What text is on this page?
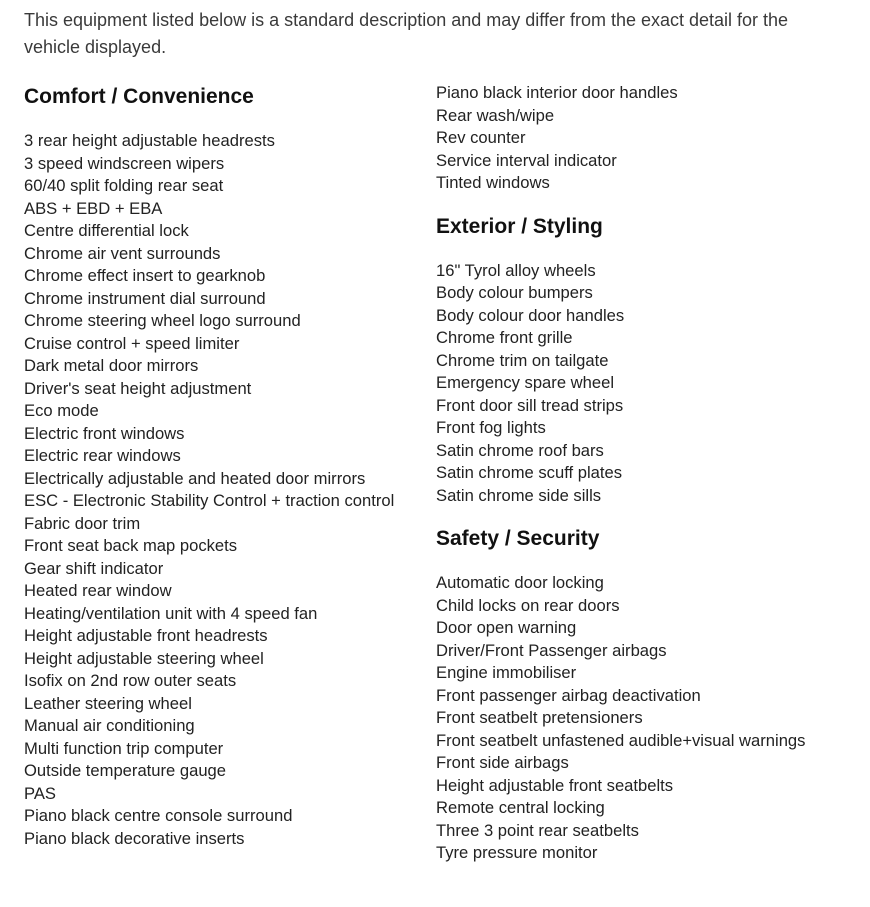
This equipment listed below is a standard description and may differ from the exact detail for the vehicle displayed.

Comfort / Convenience
3 rear height adjustable headrests
3 speed windscreen wipers
60/40 split folding rear seat
ABS + EBD + EBA
Centre differential lock
Chrome air vent surrounds
Chrome effect insert to gearknob
Chrome instrument dial surround
Chrome steering wheel logo surround
Cruise control + speed limiter
Dark metal door mirrors
Driver's seat height adjustment
Eco mode
Electric front windows
Electric rear windows
Electrically adjustable and heated door mirrors
ESC - Electronic Stability Control + traction control
Fabric door trim
Front seat back map pockets
Gear shift indicator
Heated rear window
Heating/ventilation unit with 4 speed fan
Height adjustable front headrests
Height adjustable steering wheel
Isofix on 2nd row outer seats
Leather steering wheel
Manual air conditioning
Multi function trip computer
Outside temperature gauge
PAS
Piano black centre console surround
Piano black decorative inserts
Piano black interior door handles
Rear wash/wipe
Rev counter
Service interval indicator
Tinted windows
Exterior / Styling
16" Tyrol alloy wheels
Body colour bumpers
Body colour door handles
Chrome front grille
Chrome trim on tailgate
Emergency spare wheel
Front door sill tread strips
Front fog lights
Satin chrome roof bars
Satin chrome scuff plates
Satin chrome side sills
Safety / Security
Automatic door locking
Child locks on rear doors
Door open warning
Driver/Front Passenger airbags
Engine immobiliser
Front passenger airbag deactivation
Front seatbelt pretensioners
Front seatbelt unfastened audible+visual warnings
Front side airbags
Height adjustable front seatbelts
Remote central locking
Three 3 point rear seatbelts
Tyre pressure monitor
